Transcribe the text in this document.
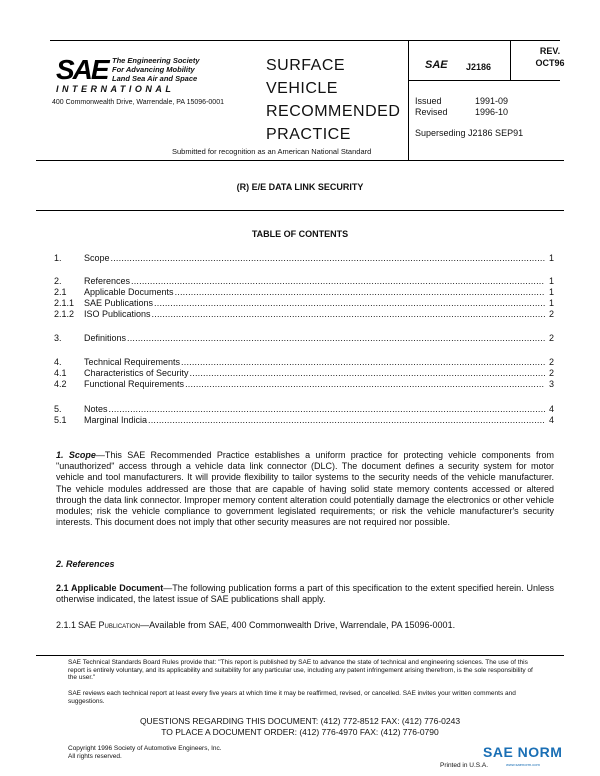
SAE The Engineering Society
For Advancing Mobility
Land Sea Air and Space
INTERNATIONAL
400 Commonwealth Drive, Warrendale, PA 15096-0001
SURFACE
VEHICLE
RECOMMENDED
PRACTICE
Submitted for recognition as an American National Standard
SAE J2186
REV.
OCT96
Issued	1991-09
Revised	1996-10
Superseding J2186 SEP91
(R) E/E DATA LINK SECURITY
TABLE OF CONTENTS
1.	Scope .....	1
2.	References .....	1
2.1	Applicable Documents .....	1
2.1.1	SAE Publications .....	1
2.1.2	ISO Publications .....	2
3.	Definitions .....	2
4.	Technical Requirements .....	2
4.1	Characteristics of Security .....	2
4.2	Functional Requirements .....	3
5.	Notes .....	4
5.1	Marginal Indicia .....	4
1. Scope—This SAE Recommended Practice establishes a uniform practice for protecting vehicle components from "unauthorized" access through a vehicle data link connector (DLC). The document defines a security system for motor vehicle and tool manufacturers. It will provide flexibility to tailor systems to the security needs of the vehicle manufacturer. The vehicle modules addressed are those that are capable of having solid state memory contents accessed or altered through the data link connector. Improper memory content alteration could potentially damage the electronics or other vehicle modules; risk the vehicle compliance to government legislated requirements; or risk the vehicle manufacturer's security interests. This document does not imply that other security measures are not required nor possible.
2. References
2.1 Applicable Document—The following publication forms a part of this specification to the extent specified herein. Unless otherwise indicated, the latest issue of SAE publications shall apply.
2.1.1 SAE Publication—Available from SAE, 400 Commonwealth Drive, Warrendale, PA 15096-0001.
SAE Technical Standards Board Rules provide that: "This report is published by SAE to advance the state of technical and engineering sciences. The use of this report is entirely voluntary, and its applicability and suitability for any particular use, including any patent infringement arising therefrom, is the sole responsibility of the user."
SAE reviews each technical report at least every five years at which time it may be reaffirmed, revised, or cancelled. SAE invites your written comments and suggestions.
QUESTIONS REGARDING THIS DOCUMENT: (412) 772-8512 FAX: (412) 776-0243
TO PLACE A DOCUMENT ORDER: (412) 776-4970 FAX: (412) 776-0790
Copyright 1996 Society of Automotive Engineers, Inc.
All rights reserved.
Printed in U.S.A.
SAE NORM
www.saenorm.com
